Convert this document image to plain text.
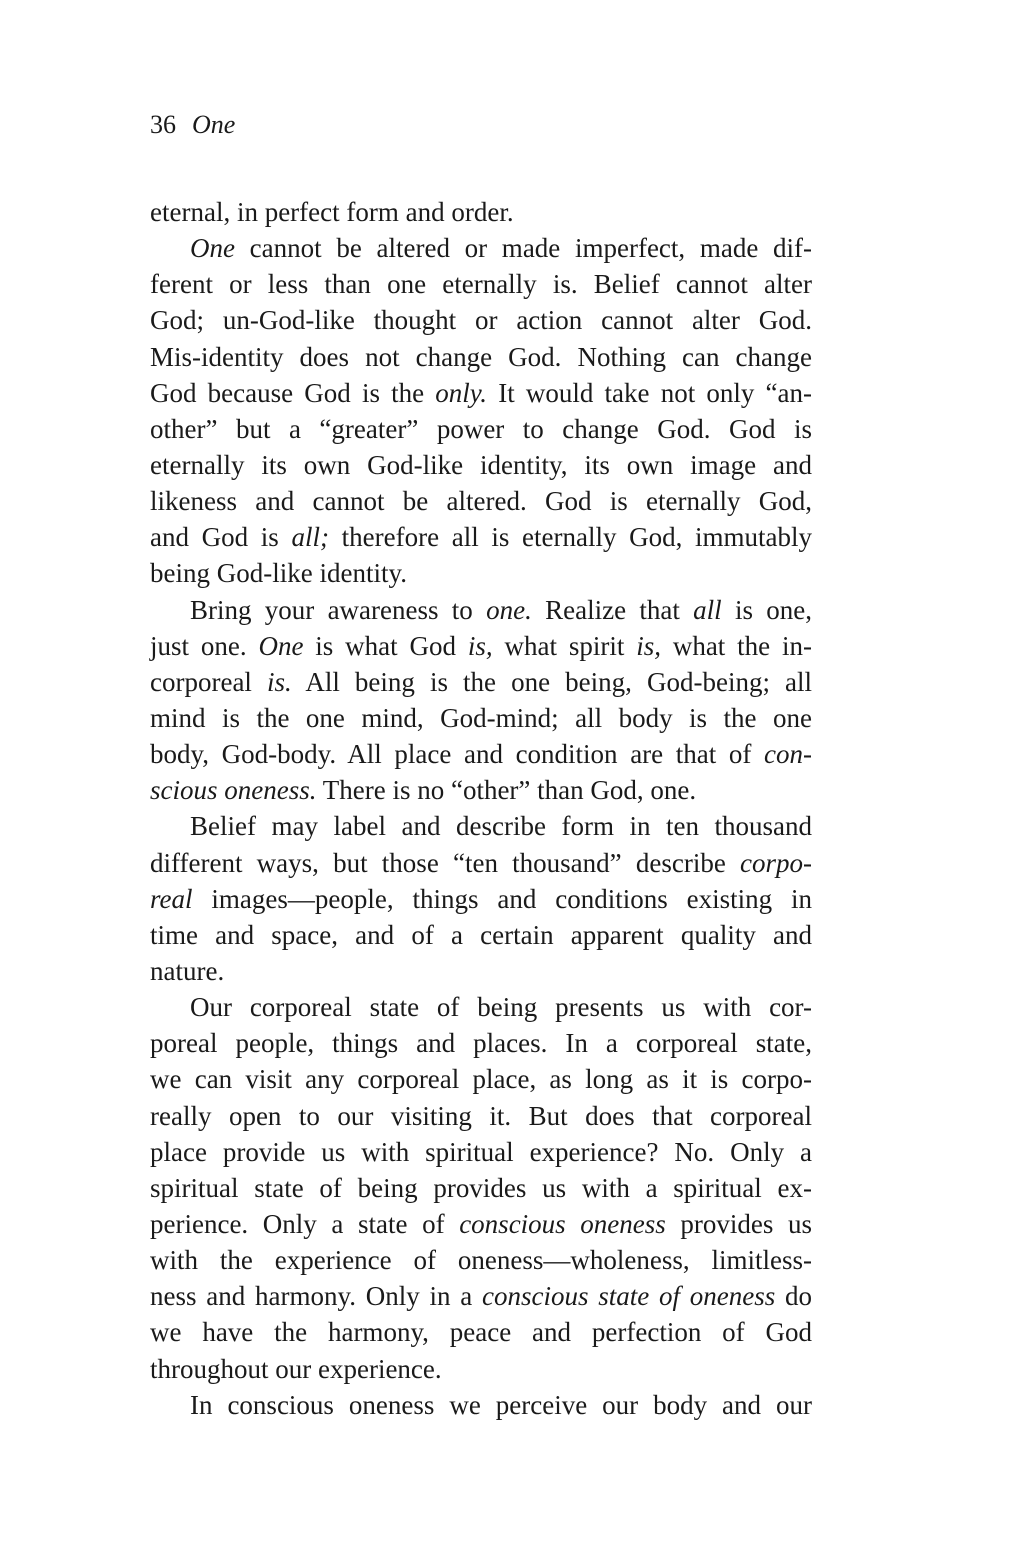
36 One
eternal, in perfect form and order.
One cannot be altered or made imperfect, made dif-
ferent or less than one eternally is. Belief cannot alter
God; un-God-like thought or action cannot alter God.
Mis-identity does not change God. Nothing can change
God because God is the only. It would take not only “an-
other” but a “greater” power to change God. God is
eternally its own God-like identity, its own image and
likeness and cannot be altered. God is eternally God,
and God is all; therefore all is eternally God, immutably
being God-like identity.
Bring your awareness to one. Realize that all is one,
just one. One is what God is, what spirit is, what the in-
corporeal is. All being is the one being, God-being; all
mind is the one mind, God-mind; all body is the one
body, God-body. All place and condition are that of con-
scious oneness. There is no “other” than God, one.
Belief may label and describe form in ten thousand
different ways, but those “ten thousand” describe corpo-
real images—people, things and conditions existing in
time and space, and of a certain apparent quality and
nature.
Our corporeal state of being presents us with cor-
poreal people, things and places. In a corporeal state,
we can visit any corporeal place, as long as it is corpo-
really open to our visiting it. But does that corporeal
place provide us with spiritual experience? No. Only a
spiritual state of being provides us with a spiritual ex-
perience. Only a state of conscious oneness provides us
with the experience of oneness—wholeness, limitless-
ness and harmony. Only in a conscious state of oneness do
we have the harmony, peace and perfection of God
throughout our experience.
In conscious oneness we perceive our body and our
